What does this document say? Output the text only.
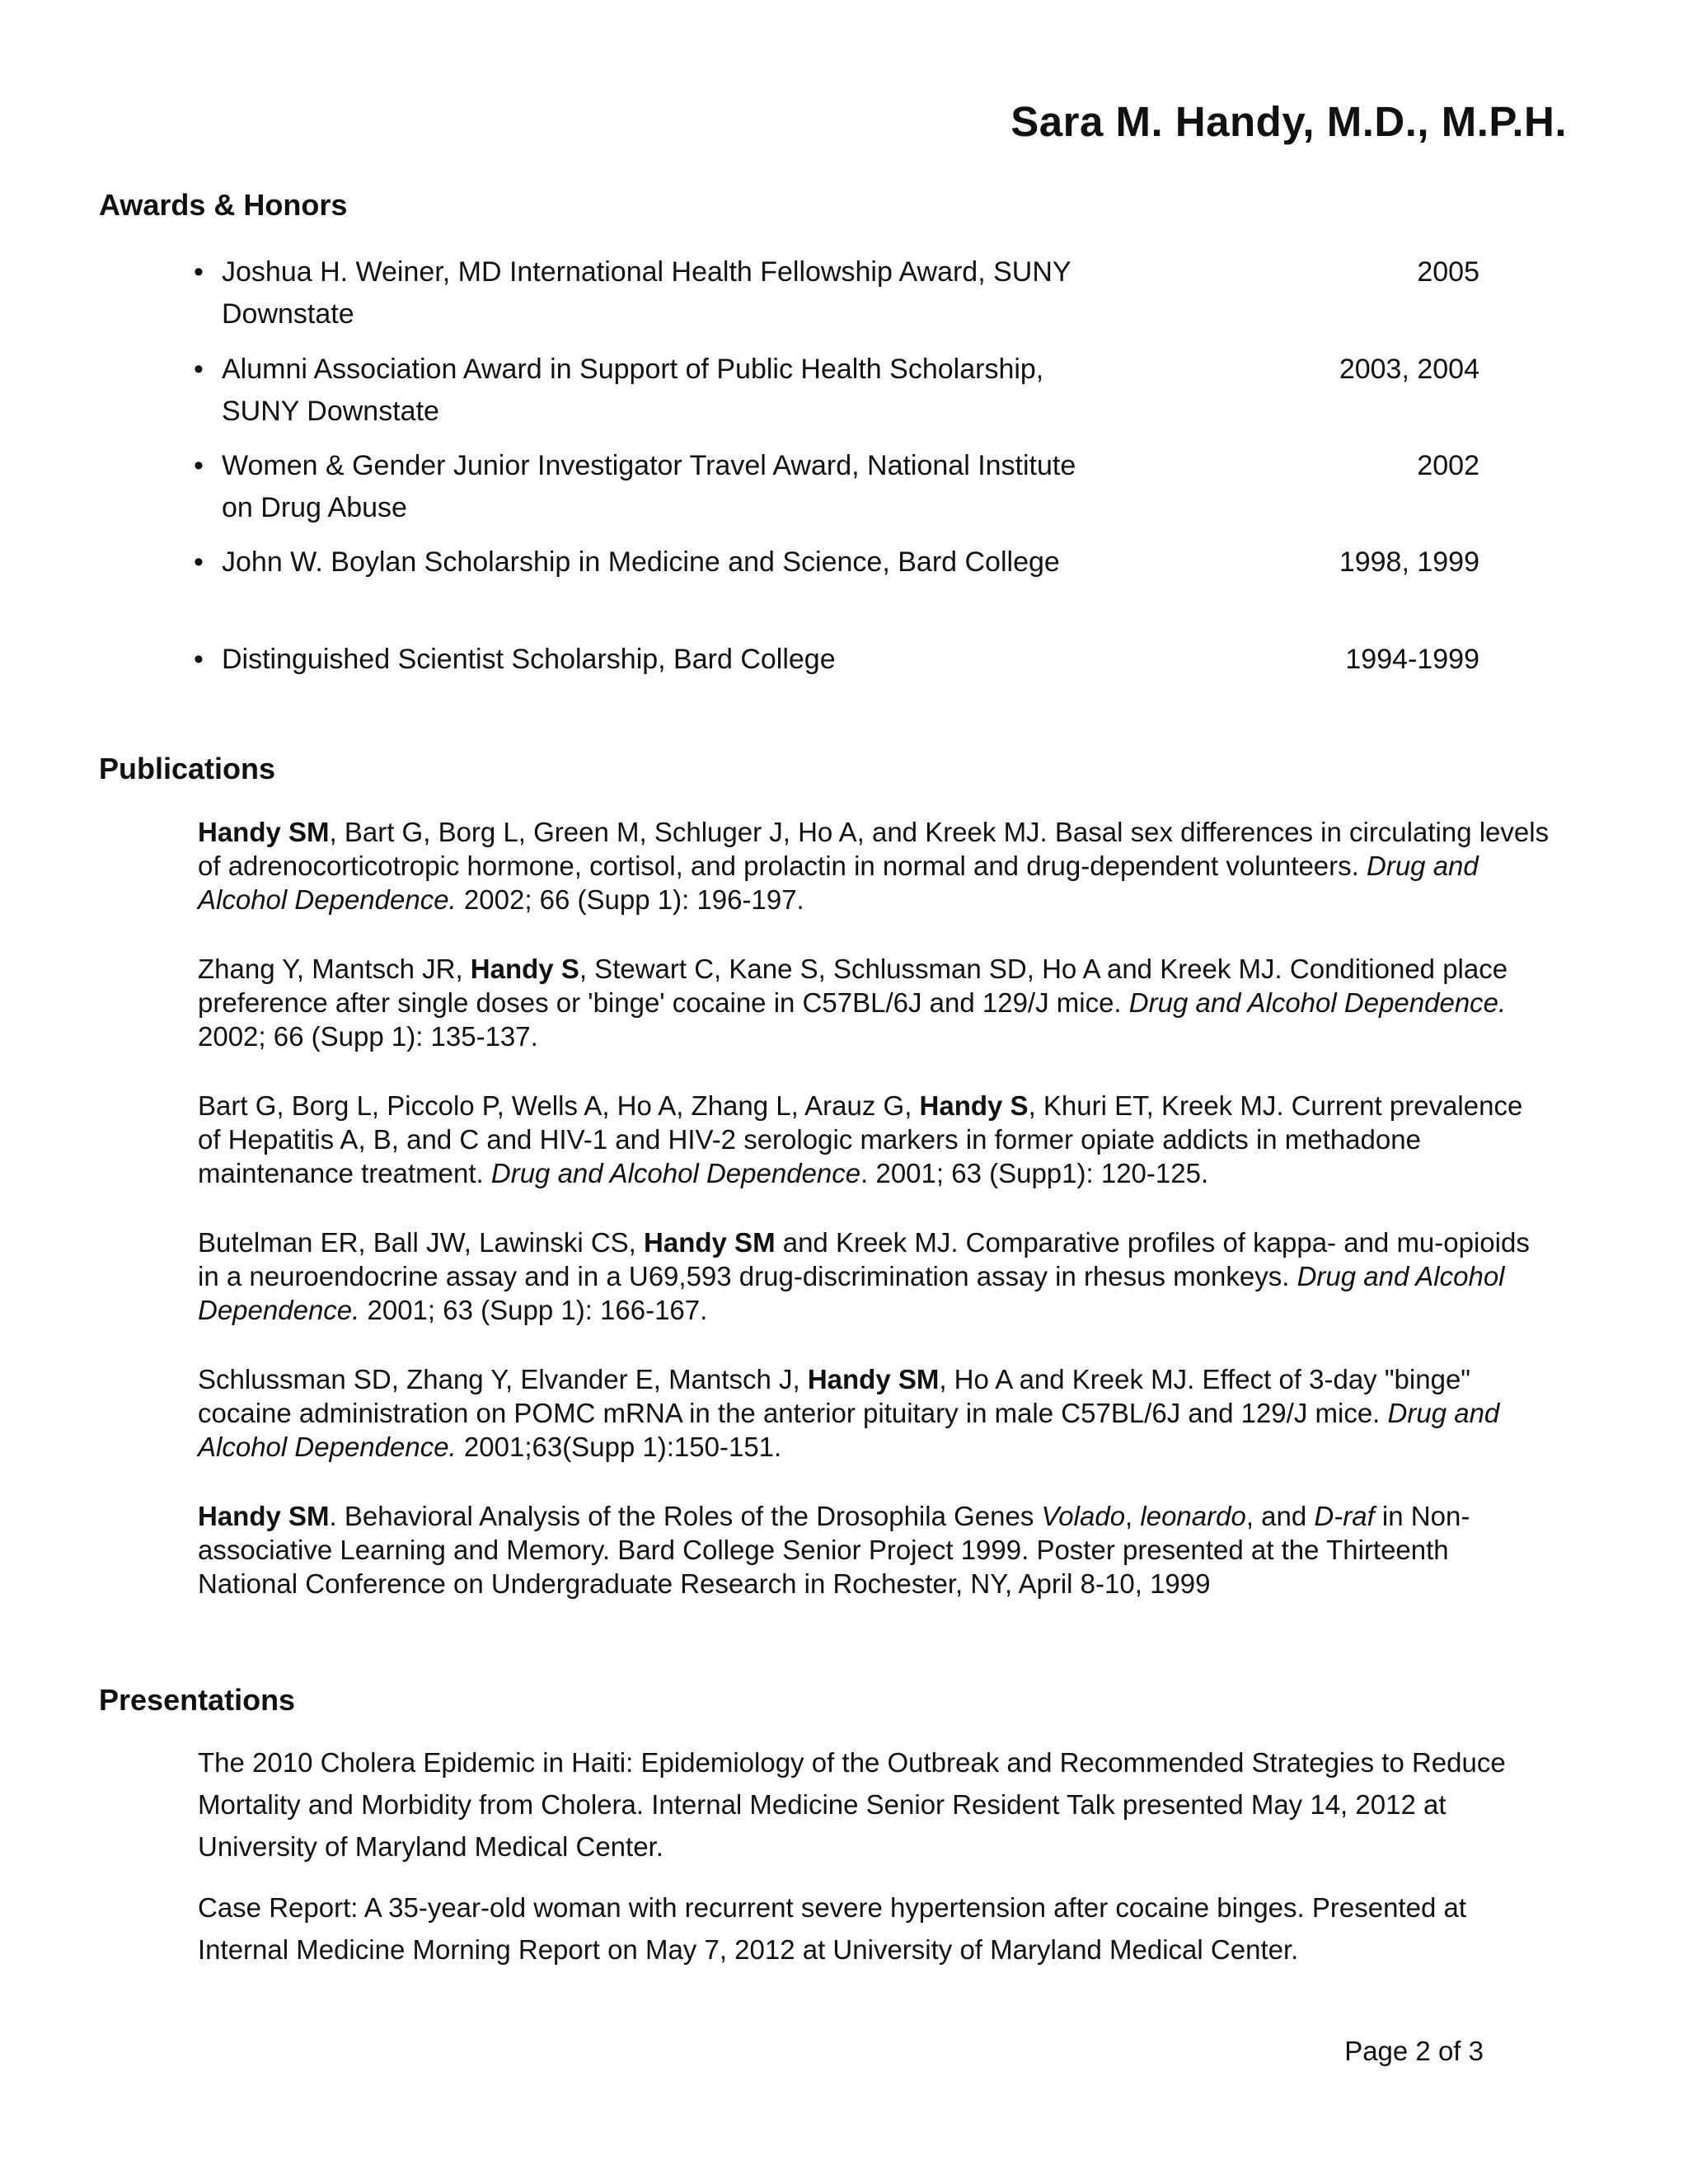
Sara M. Handy, M.D., M.P.H.
Awards & Honors
• Joshua H. Weiner, MD International Health Fellowship Award, SUNY Downstate
2005
• Alumni Association Award in Support of Public Health Scholarship, SUNY Downstate
2003, 2004
• Women & Gender Junior Investigator Travel Award, National Institute on Drug Abuse
2002
• John W. Boylan Scholarship in Medicine and Science, Bard College	1998, 1999
• Distinguished Scientist Scholarship, Bard College	1994-1999
Publications
Handy SM, Bart G, Borg L, Green M, Schluger J, Ho A, and Kreek MJ. Basal sex differences in circulating levels of adrenocorticotropic hormone, cortisol, and prolactin in normal and drug-dependent volunteers. Drug and Alcohol Dependence. 2002; 66 (Supp 1): 196-197.
Zhang Y, Mantsch JR, Handy S, Stewart C, Kane S, Schlussman SD, Ho A and Kreek MJ. Conditioned place preference after single doses or 'binge' cocaine in C57BL/6J and 129/J mice. Drug and Alcohol Dependence. 2002; 66 (Supp 1): 135-137.
Bart G, Borg L, Piccolo P, Wells A, Ho A, Zhang L, Arauz G, Handy S, Khuri ET, Kreek MJ. Current prevalence of Hepatitis A, B, and C and HIV-1 and HIV-2 serologic markers in former opiate addicts in methadone maintenance treatment. Drug and Alcohol Dependence. 2001; 63 (Supp1): 120-125.
Butelman ER, Ball JW, Lawinski CS, Handy SM and Kreek MJ. Comparative profiles of kappa- and mu-opioids in a neuroendocrine assay and in a U69,593 drug-discrimination assay in rhesus monkeys. Drug and Alcohol Dependence. 2001; 63 (Supp 1): 166-167.
Schlussman SD, Zhang Y, Elvander E, Mantsch J, Handy SM, Ho A and Kreek MJ. Effect of 3-day "binge" cocaine administration on POMC mRNA in the anterior pituitary in male C57BL/6J and 129/J mice. Drug and Alcohol Dependence. 2001;63(Supp 1):150-151.
Handy SM. Behavioral Analysis of the Roles of the Drosophila Genes Volado, leonardo, and D-raf in Non-associative Learning and Memory. Bard College Senior Project 1999. Poster presented at the Thirteenth National Conference on Undergraduate Research in Rochester, NY, April 8-10, 1999
Presentations
The 2010 Cholera Epidemic in Haiti: Epidemiology of the Outbreak and Recommended Strategies to Reduce Mortality and Morbidity from Cholera. Internal Medicine Senior Resident Talk presented May 14, 2012 at University of Maryland Medical Center.
Case Report: A 35-year-old woman with recurrent severe hypertension after cocaine binges. Presented at Internal Medicine Morning Report on May 7, 2012 at University of Maryland Medical Center.
Page 2 of 3
